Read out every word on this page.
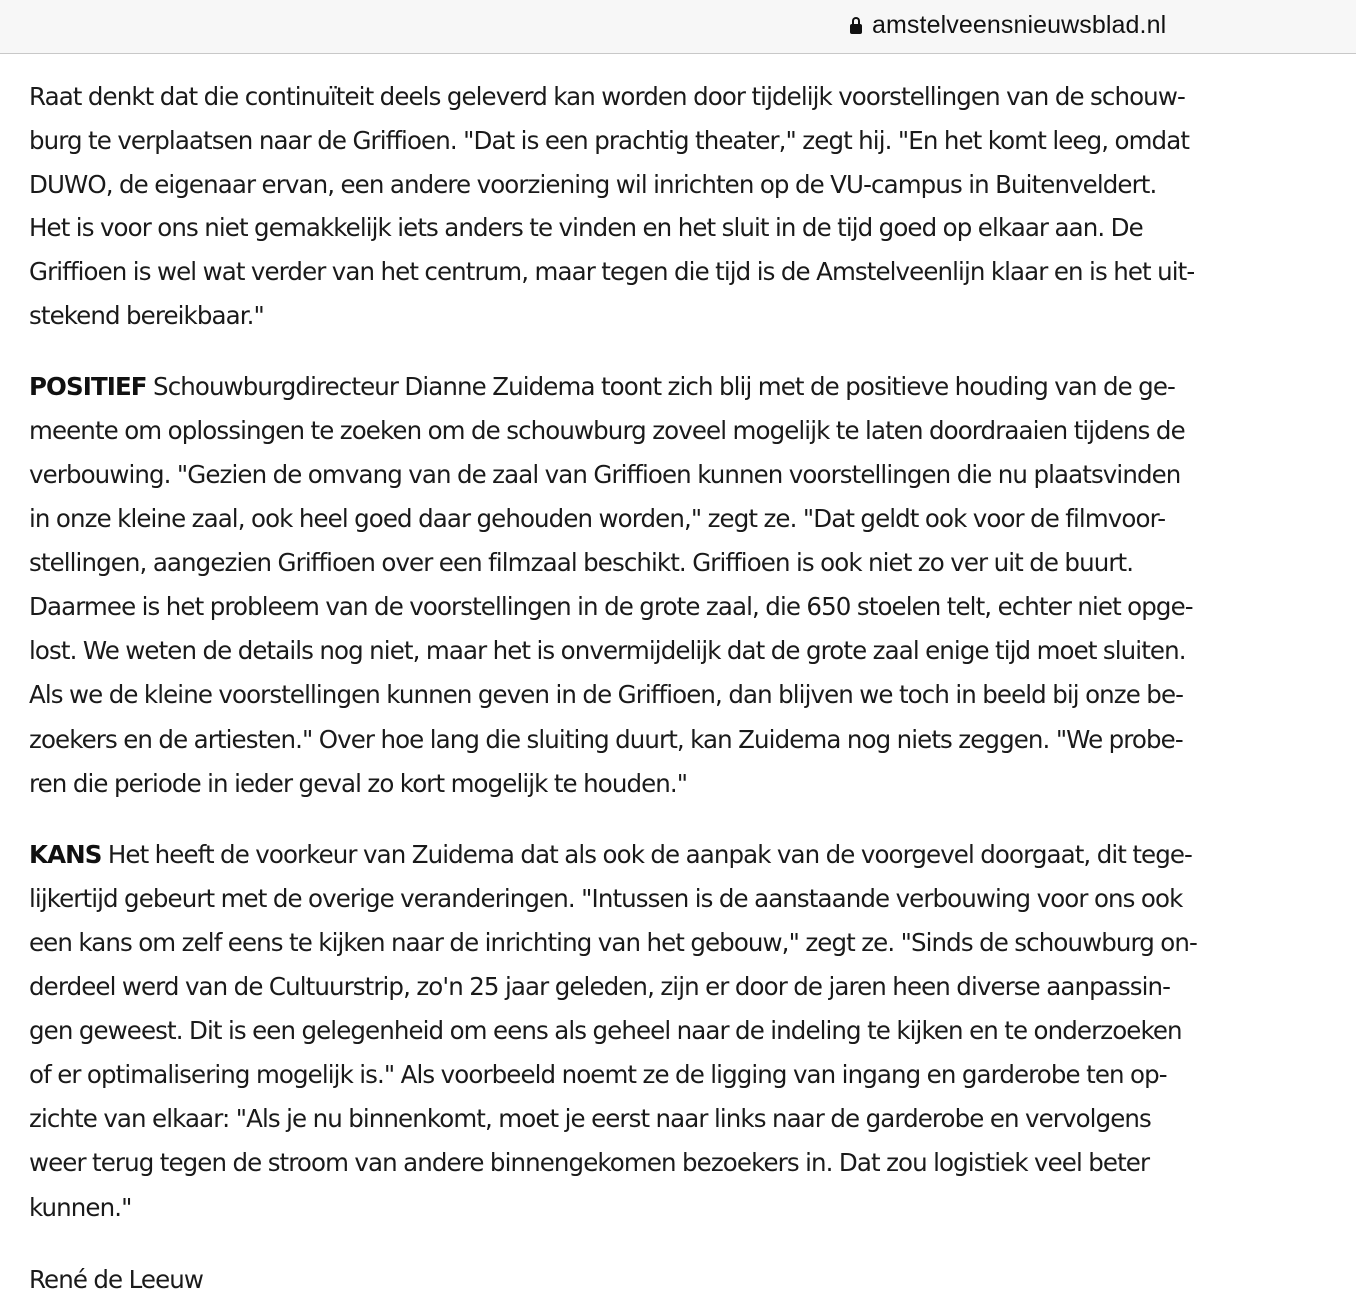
amstelveensnieuwsblad.nl
Raat denkt dat die continuïteit deels geleverd kan worden door tijdelijk voorstellingen van de schouw-
burg te verplaatsen naar de Griffioen. "Dat is een prachtig theater," zegt hij. "En het komt leeg, omdat
DUWO, de eigenaar ervan, een andere voorziening wil inrichten op de VU-campus in Buitenveldert.
Het is voor ons niet gemakkelijk iets anders te vinden en het sluit in de tijd goed op elkaar aan. De
Griffioen is wel wat verder van het centrum, maar tegen die tijd is de Amstelveenlijn klaar en is het uit-
stekend bereikbaar."
POSITIEF Schouwburgdirecteur Dianne Zuidema toont zich blij met de positieve houding van de ge-
meente om oplossingen te zoeken om de schouwburg zoveel mogelijk te laten doordraaien tijdens de
verbouwing. "Gezien de omvang van de zaal van Griffioen kunnen voorstellingen die nu plaatsvinden
in onze kleine zaal, ook heel goed daar gehouden worden," zegt ze. "Dat geldt ook voor de filmvoor-
stellingen, aangezien Griffioen over een filmzaal beschikt. Griffioen is ook niet zo ver uit de buurt.
Daarmee is het probleem van de voorstellingen in de grote zaal, die 650 stoelen telt, echter niet opge-
lost. We weten de details nog niet, maar het is onvermijdelijk dat de grote zaal enige tijd moet sluiten.
Als we de kleine voorstellingen kunnen geven in de Griffioen, dan blijven we toch in beeld bij onze be-
zoekers en de artiesten." Over hoe lang die sluiting duurt, kan Zuidema nog niets zeggen. "We probe-
ren die periode in ieder geval zo kort mogelijk te houden."
KANS Het heeft de voorkeur van Zuidema dat als ook de aanpak van de voorgevel doorgaat, dit tege-
lijkertijd gebeurt met de overige veranderingen. "Intussen is de aanstaande verbouwing voor ons ook
een kans om zelf eens te kijken naar de inrichting van het gebouw," zegt ze. "Sinds de schouwburg on-
derdeel werd van de Cultuurstrip, zo'n 25 jaar geleden, zijn er door de jaren heen diverse aanpassin-
gen geweest. Dit is een gelegenheid om eens als geheel naar de indeling te kijken en te onderzoeken
of er optimalisering mogelijk is." Als voorbeeld noemt ze de ligging van ingang en garderobe ten op-
zichte van elkaar: "Als je nu binnenkomt, moet je eerst naar links naar de garderobe en vervolgens
weer terug tegen de stroom van andere binnengekomen bezoekers in. Dat zou logistiek veel beter
kunnen."
René de Leeuw
